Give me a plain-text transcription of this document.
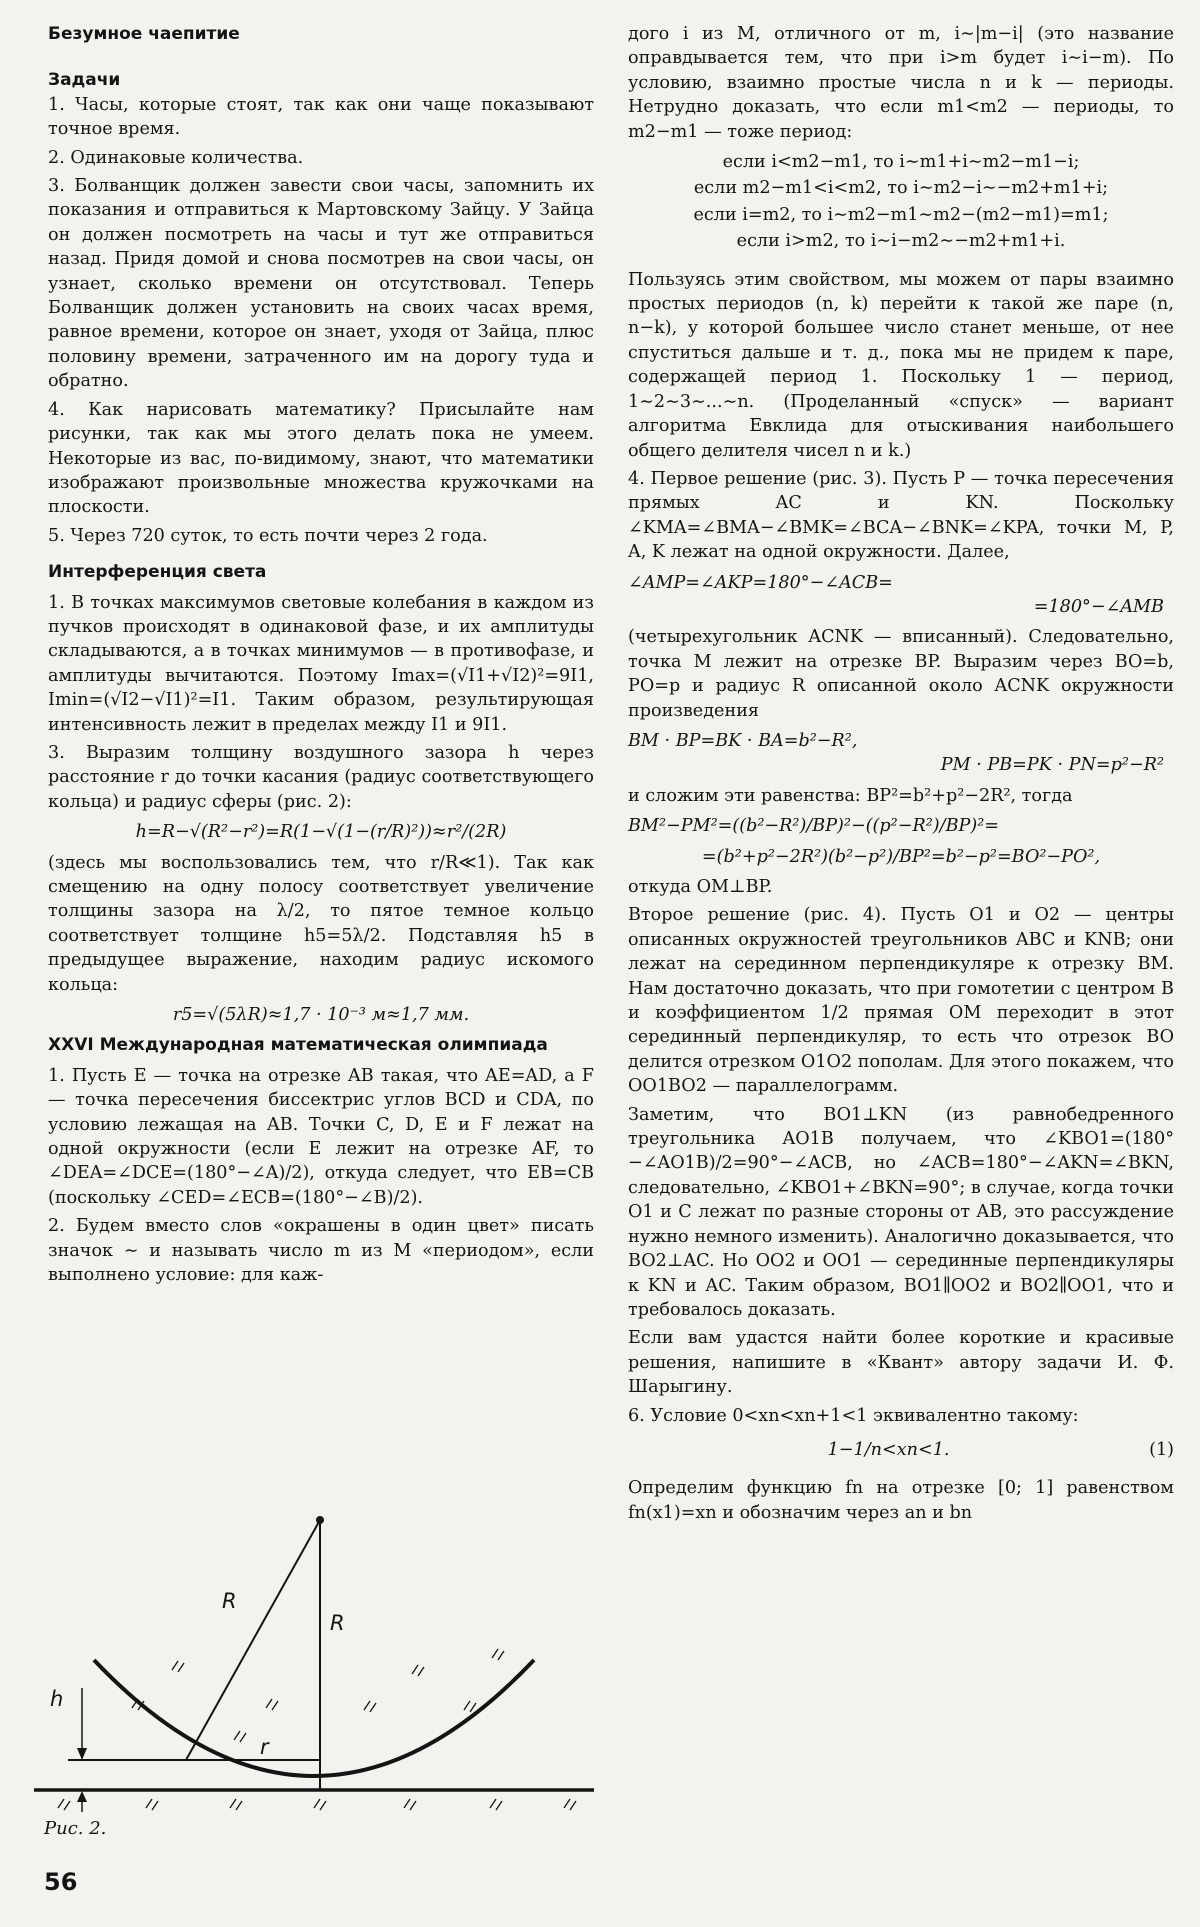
Безумное чаепитие
Задачи
1. Часы, которые стоят, так как они чаще показывают точное время.
2. Одинаковые количества.
3. Болванщик должен завести свои часы, запомнить их показания и отправиться к Мартовскому Зайцу. У Зайца он должен посмотреть на часы и тут же отправиться назад. Придя домой и снова посмотрев на свои часы, он узнает, сколько времени он отсутствовал. Теперь Болванщик должен установить на своих часах время, равное времени, которое он знает, уходя от Зайца, плюс половину времени, затраченного им на дорогу туда и обратно.
4. Как нарисовать математику? Присылайте нам рисунки, так как мы этого делать пока не умеем. Некоторые из вас, по-видимому, знают, что математики изображают произвольные множества кружочками на плоскости.
5. Через 720 суток, то есть почти через 2 года.
Интерференция света
1. В точках максимумов световые колебания в каждом из пучков происходят в одинаковой фазе, и их амплитуды складываются, а в точках минимумов — в противофазе, и амплитуды вычитаются. Поэтому Imax=(√I1+√I2)²=9I1, Imin=(√I2−√I1)²=I1. Таким образом, результирующая интенсивность лежит в пределах между I1 и 9I1.
3. Выразим толщину воздушного зазора h через расстояние r до точки касания (радиус соответствующего кольца) и радиус сферы (рис. 2):
h=R−√(R²−r²)=R(1−√(1−(r/R)²))≈r²/(2R)
(здесь мы воспользовались тем, что r/R≪1). Так как смещению на одну полосу соответствует увеличение толщины зазора на λ/2, то пятое темное кольцо соответствует толщине h5=5λ/2. Подставляя h5 в предыдущее выражение, находим радиус искомого кольца:
r5=√(5λR)≈1,7 · 10⁻³ м≈1,7 мм.
XXVI Международная математическая олимпиада
1. Пусть E — точка на отрезке AB такая, что AE=AD, а F — точка пересечения биссектрис углов BCD и CDA, по условию лежащая на AB. Точки C, D, E и F лежат на одной окружности (если E лежит на отрезке AF, то ∠DEA=∠DCE=(180°−∠A)/2), откуда следует, что EB=CB (поскольку ∠CED=∠ECB=(180°−∠B)/2).
2. Будем вместо слов «окрашены в один цвет» писать значок ∼ и называть число m из M «периодом», если выполнено условие: для каж-
R
R
h
r
Рис. 2.
56
дого i из M, отличного от m, i∼|m−i| (это название оправдывается тем, что при i>m будет i∼i−m). По условию, взаимно простые числа n и k — периоды. Нетрудно доказать, что если m1<m2 — периоды, то m2−m1 — тоже период:
если i<m2−m1, то i∼m1+i∼m2−m1−i;
если m2−m1<i<m2, то i∼m2−i∼−m2+m1+i;
если i=m2, то i∼m2−m1∼m2−(m2−m1)=m1;
если i>m2, то i∼i−m2∼−m2+m1+i.
Пользуясь этим свойством, мы можем от пары взаимно простых периодов (n, k) перейти к такой же паре (n, n−k), у которой большее число станет меньше, от нее спуститься дальше и т. д., пока мы не придем к паре, содержащей период 1. Поскольку 1 — период, 1∼2∼3∼...∼n. (Проделанный «спуск» — вариант алгоритма Евклида для отыскивания наибольшего общего делителя чисел n и k.)
4. Первое решение (рис. 3). Пусть P — точка пересечения прямых AC и KN. Поскольку ∠KMA=∠BMA−∠BMK=∠BCA−∠BNK=∠KPA, точки M, P, A, K лежат на одной окружности. Далее,
∠AMP=∠AKP=180°−∠ACB=
=180°−∠AMB
(четырехугольник ACNK — вписанный). Следовательно, точка M лежит на отрезке BP. Выразим через BO=b, PO=p и радиус R описанной около ACNK окружности произведения
BM · BP=BK · BA=b²−R²,
PM · PB=PK · PN=p²−R²
и сложим эти равенства: BP²=b²+p²−2R², тогда
BM²−PM²=((b²−R²)/BP)²−((p²−R²)/BP)²=
=(b²+p²−2R²)(b²−p²)/BP²=b²−p²=BO²−PO²,
откуда OM⊥BP.
Второе решение (рис. 4). Пусть O1 и O2 — центры описанных окружностей треугольников ABC и KNB; они лежат на серединном перпендикуляре к отрезку BM. Нам достаточно доказать, что при гомотетии с центром B и коэффициентом 1/2 прямая OM переходит в этот серединный перпендикуляр, то есть что отрезок BO делится отрезком O1O2 пополам. Для этого покажем, что OO1BO2 — параллелограмм.
Заметим, что BO1⊥KN (из равнобедренного треугольника AO1B получаем, что ∠KBO1=(180°−∠AO1B)/2=90°−∠ACB, но ∠ACB=180°−∠AKN=∠BKN, следовательно, ∠KBO1+∠BKN=90°; в случае, когда точки O1 и C лежат по разные стороны от AB, это рассуждение нужно немного изменить). Аналогично доказывается, что BO2⊥AC. Но OO2 и OO1 — серединные перпендикуляры к KN и AC. Таким образом, BO1∥OO2 и BO2∥OO1, что и требовалось доказать.
Если вам удастся найти более короткие и красивые решения, напишите в «Квант» автору задачи И. Ф. Шарыгину.
6. Условие 0<xn<xn+1<1 эквивалентно такому:
1−1/n<xn<1.	(1)
Определим функцию fn на отрезке [0; 1] равенством fn(x1)=xn и обозначим через an и bn
